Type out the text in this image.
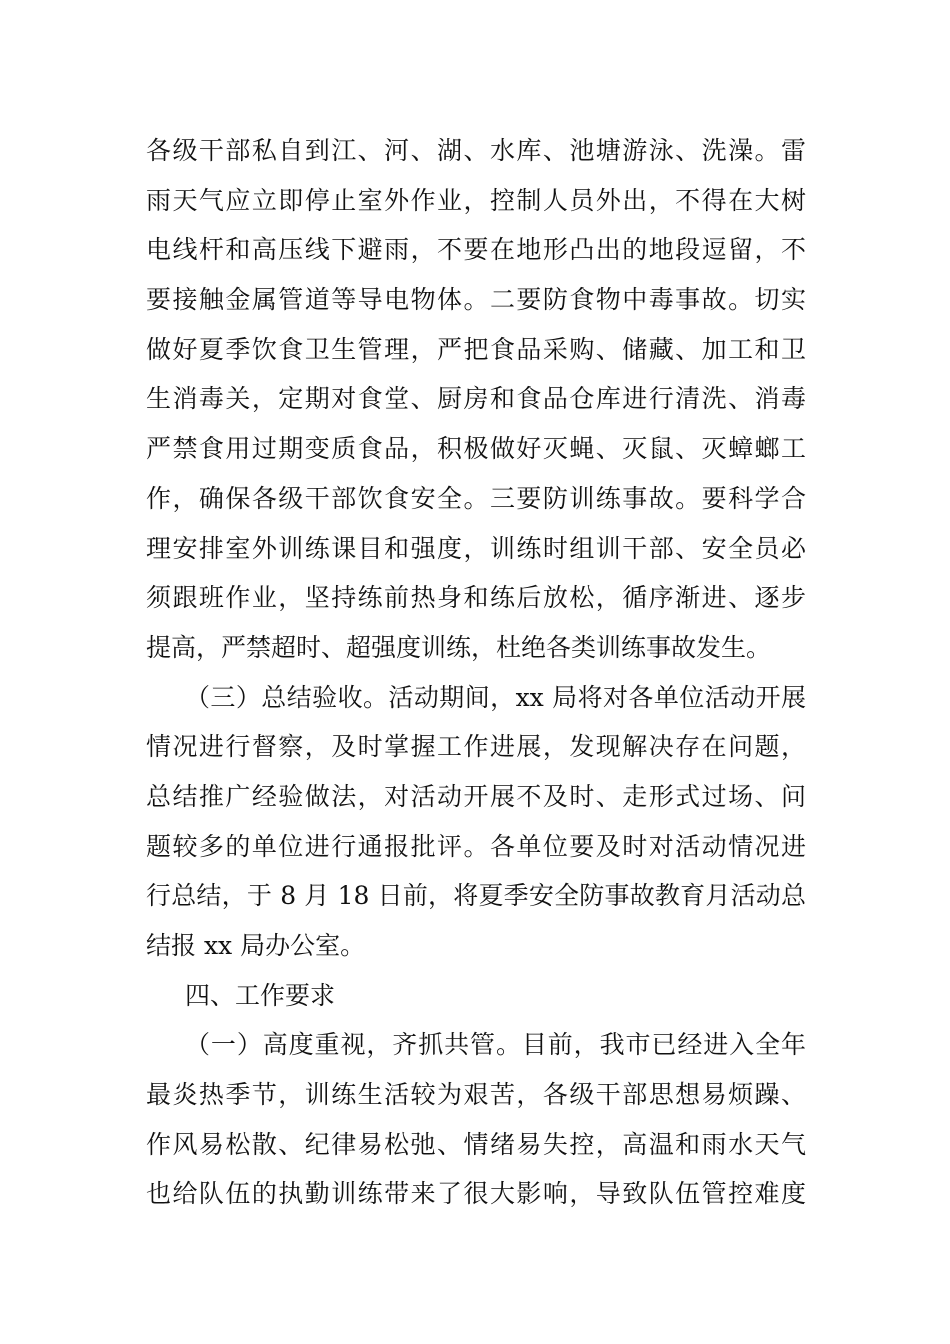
各级干部私自到江、河、湖、水库、池塘游泳、洗澡。雷
雨天气应立即停止室外作业，控制人员外出，不得在大树
电线杆和高压线下避雨，不要在地形凸出的地段逗留，不
要接触金属管道等导电物体。二要防食物中毒事故。切实
做好夏季饮食卫生管理，严把食品采购、储藏、加工和卫
生消毒关，定期对食堂、厨房和食品仓库进行清洗、消毒
严禁食用过期变质食品，积极做好灭蝇、灭鼠、灭蟑螂工
作，确保各级干部饮食安全。三要防训练事故。要科学合
理安排室外训练课目和强度，训练时组训干部、安全员必
须跟班作业，坚持练前热身和练后放松，循序渐进、逐步
提高，严禁超时、超强度训练，杜绝各类训练事故发生。
（三）总结验收。活动期间，xx 局将对各单位活动开展
情况进行督察，及时掌握工作进展，发现解决存在问题，
总结推广经验做法，对活动开展不及时、走形式过场、问
题较多的单位进行通报批评。各单位要及时对活动情况进
行总结，于 8 月 18 日前，将夏季安全防事故教育月活动总
结报 xx 局办公室。
四、工作要求
（一）高度重视，齐抓共管。目前，我市已经进入全年
最炎热季节，训练生活较为艰苦，各级干部思想易烦躁、
作风易松散、纪律易松弛、情绪易失控，高温和雨水天气
也给队伍的执勤训练带来了很大影响，导致队伍管控难度
